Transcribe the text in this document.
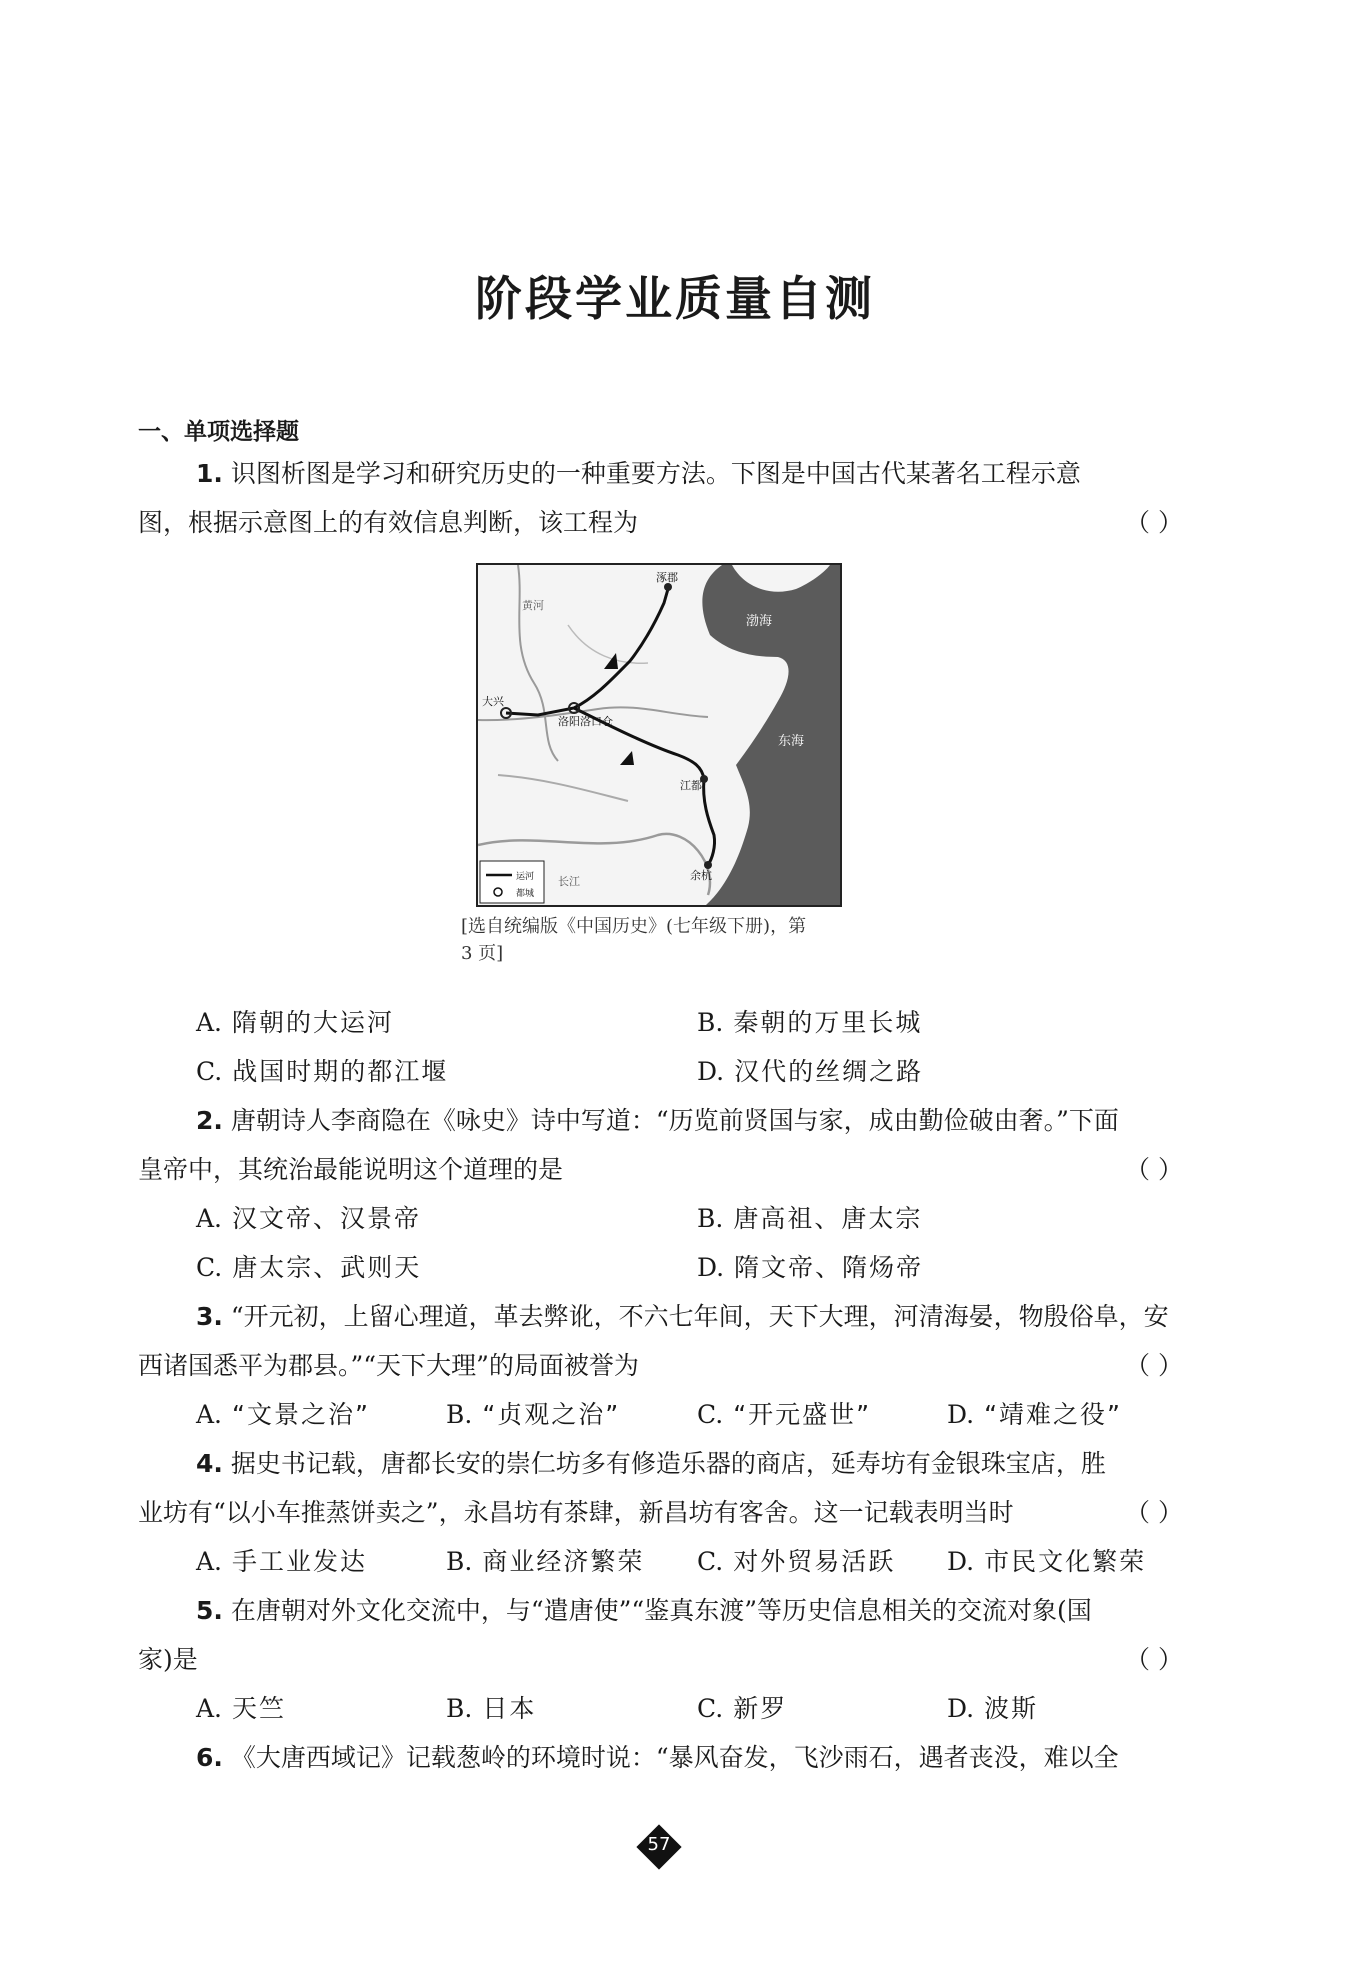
阶段学业质量自测
一、单项选择题
1. 识图析图是学习和研究历史的一种重要方法。下图是中国古代某著名工程示意
图，根据示意图上的有效信息判断，该工程为	（ ）
涿郡
大兴
洛阳洛口仓
江都
余杭
渤海
东海
黄河
长江
运河
都城
[选自统编版《中国历史》(七年级下册)，第
3 页]
A. 隋朝的大运河	B. 秦朝的万里长城
C. 战国时期的都江堰	D. 汉代的丝绸之路
2. 唐朝诗人李商隐在《咏史》诗中写道：“历览前贤国与家，成由勤俭破由奢。”下面
皇帝中，其统治最能说明这个道理的是	（ ）
A. 汉文帝、汉景帝	B. 唐高祖、唐太宗
C. 唐太宗、武则天	D. 隋文帝、隋炀帝
3. “开元初，上留心理道，革去弊讹，不六七年间，天下大理，河清海晏，物殷俗阜，安
西诸国悉平为郡县。”“天下大理”的局面被誉为	（ ）
A. “文景之治”	B. “贞观之治”	C. “开元盛世”	D. “靖难之役”
4. 据史书记载，唐都长安的崇仁坊多有修造乐器的商店，延寿坊有金银珠宝店，胜
业坊有“以小车推蒸饼卖之”，永昌坊有茶肆，新昌坊有客舍。这一记载表明当时	（ ）
A. 手工业发达	B. 商业经济繁荣 C. 对外贸易活跃 D. 市民文化繁荣
5. 在唐朝对外文化交流中，与“遣唐使”“鉴真东渡”等历史信息相关的交流对象(国
家)是	（ ）
A. 天竺	B. 日本	C. 新罗	D. 波斯
6. 《大唐西域记》记载葱岭的环境时说：“暴风奋发，飞沙雨石，遇者丧没，难以全
57
